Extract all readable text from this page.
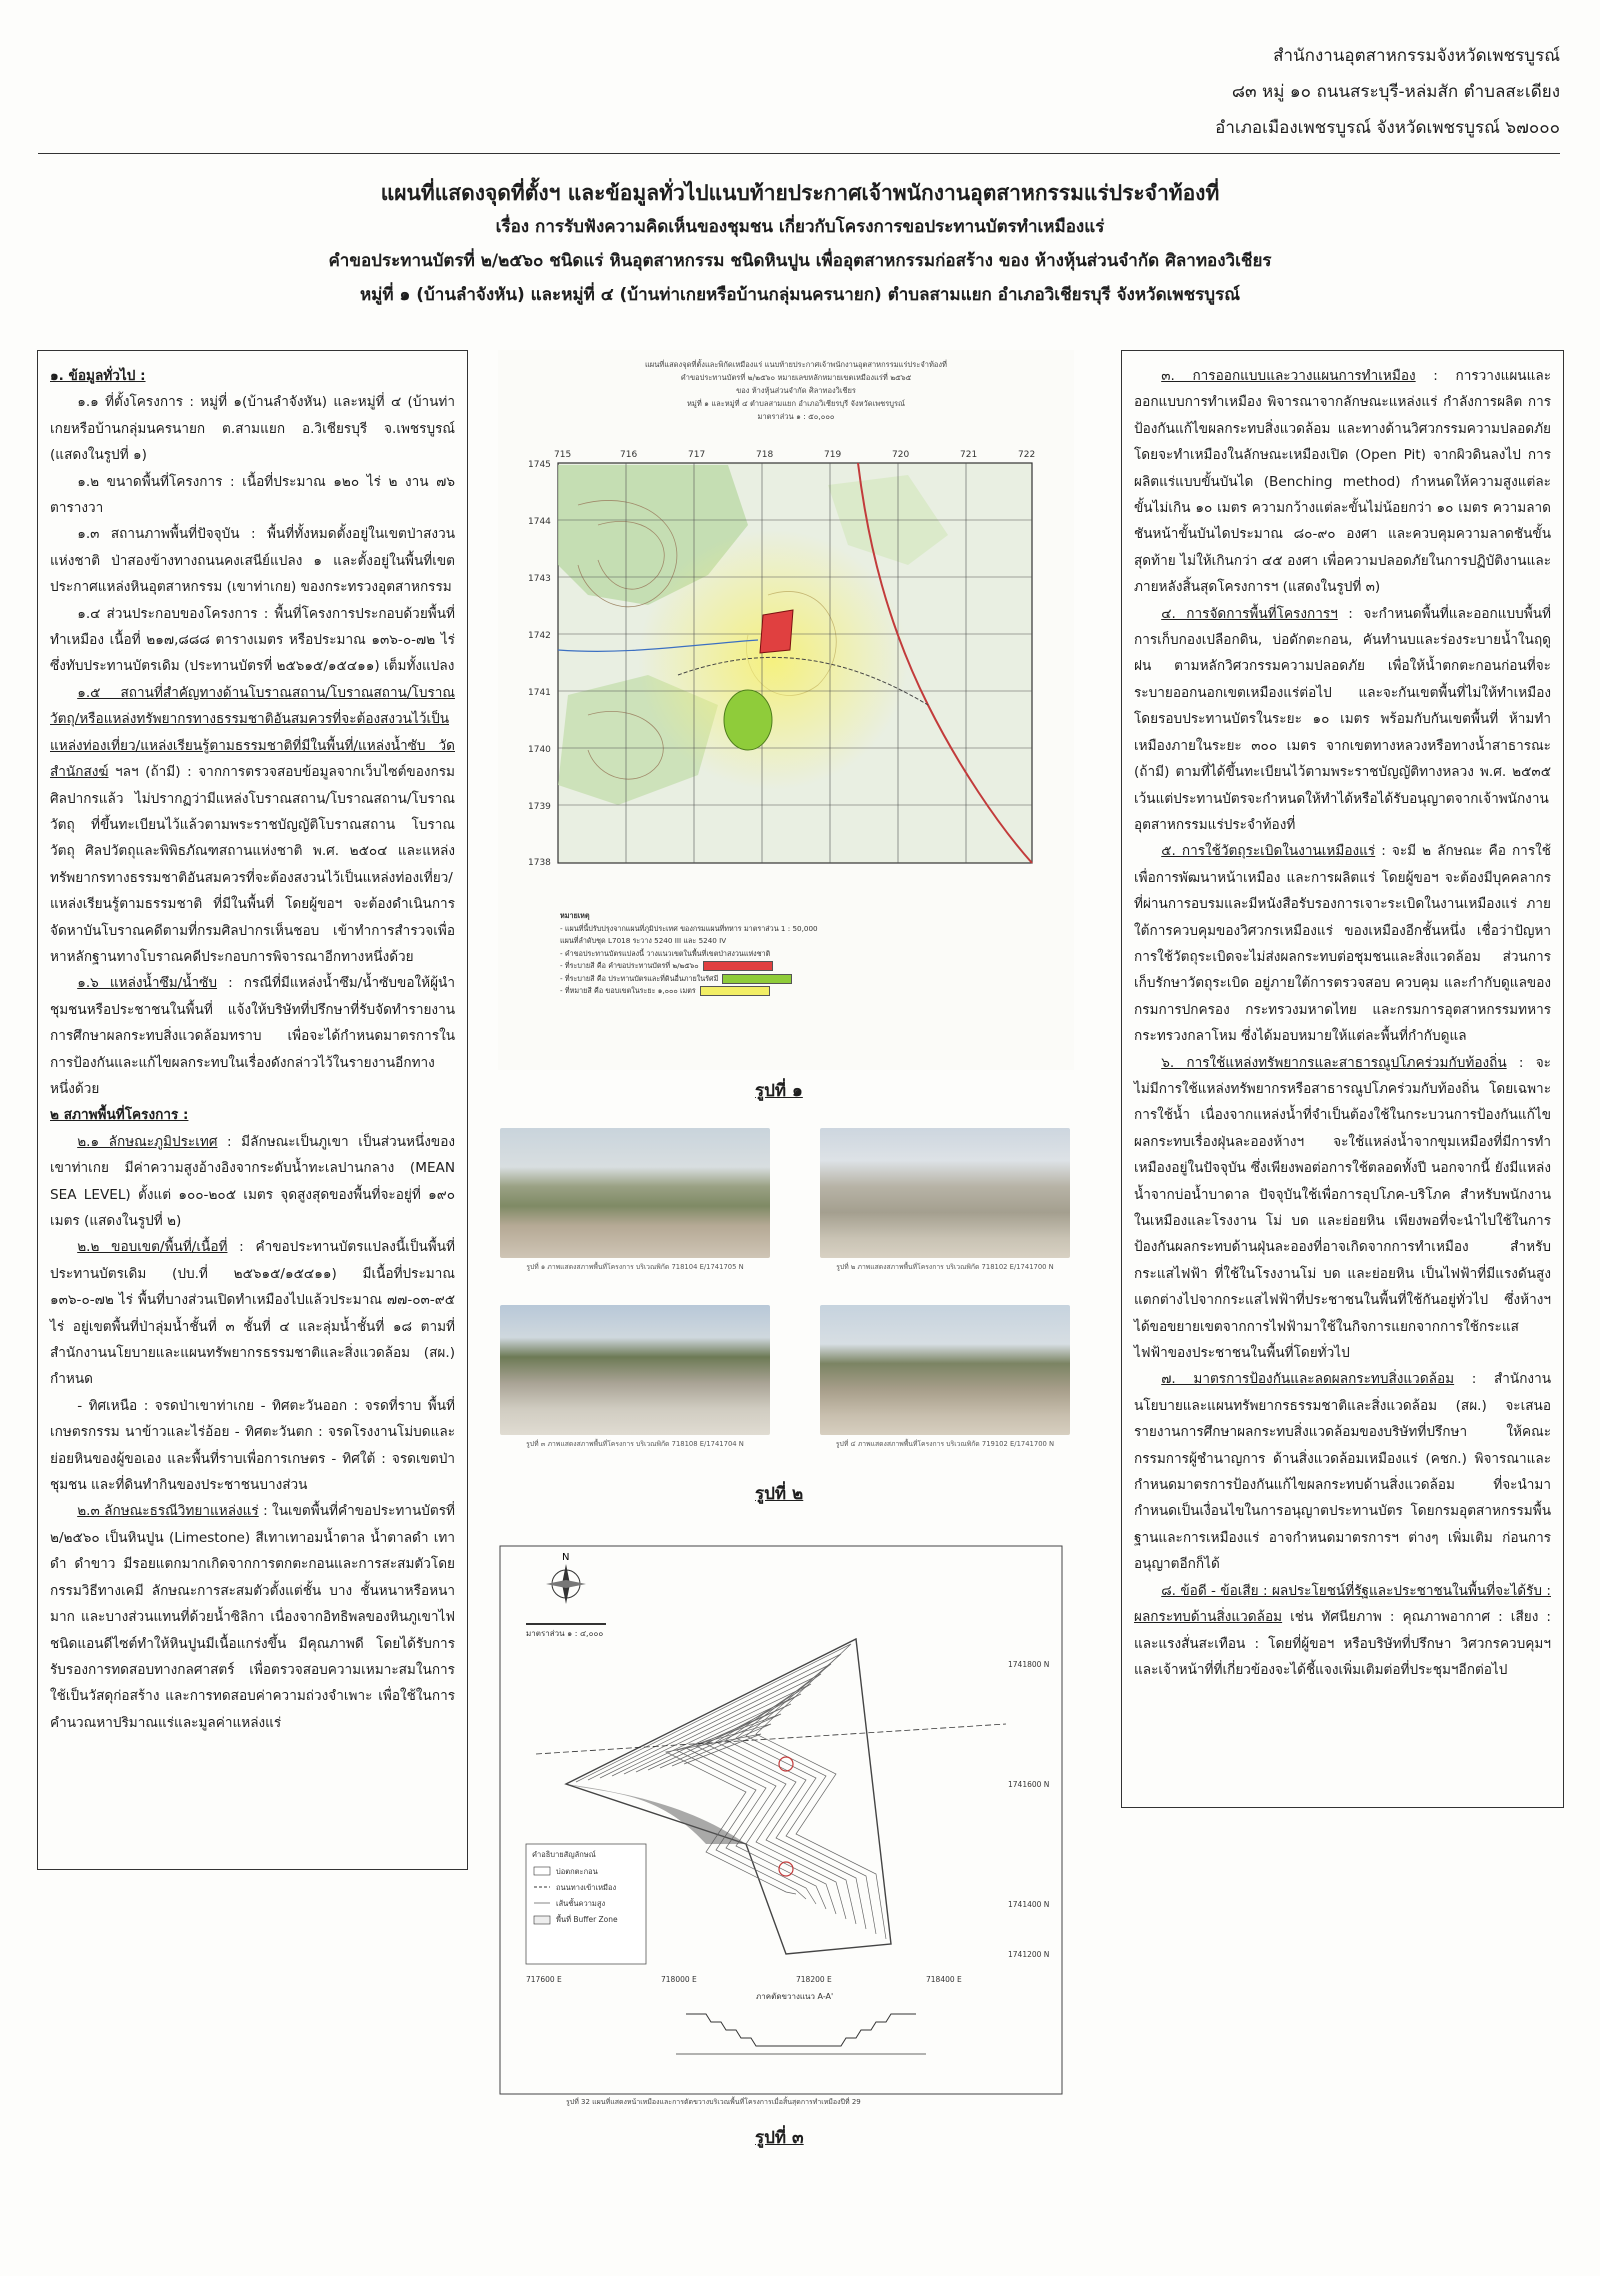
สำนักงานอุตสาหกรรมจังหวัดเพชรบูรณ์
๘๓ หมู่ ๑๐ ถนนสระบุรี-หล่มสัก ตำบลสะเดียง
อำเภอเมืองเพชรบูรณ์ จังหวัดเพชรบูรณ์ ๖๗๐๐๐
แผนที่แสดงจุดที่ตั้งฯ และข้อมูลทั่วไปแนบท้ายประกาศเจ้าพนักงานอุตสาหกรรมแร่ประจำท้องที่
เรื่อง การรับฟังความคิดเห็นของชุมชน เกี่ยวกับโครงการขอประทานบัตรทำเหมืองแร่
คำขอประทานบัตรที่ ๒/๒๕๖๐ ชนิดแร่ หินอุตสาหกรรม ชนิดหินปูน เพื่ออุตสาหกรรมก่อสร้าง ของ ห้างหุ้นส่วนจำกัด ศิลาทองวิเชียร
หมู่ที่ ๑ (บ้านลำจังหัน) และหมู่ที่ ๔ (บ้านท่าเกยหรือบ้านกลุ่มนครนายก) ตำบลสามแยก อำเภอวิเชียรบุรี จังหวัดเพชรบูรณ์

๑. ข้อมูลทั่วไป :

๑.๑ ที่ตั้งโครงการ : หมู่ที่ ๑(บ้านลำจังหัน) และหมู่ที่ ๔ (บ้านท่าเกยหรือบ้านกลุ่มนครนายก ต.สามแยก อ.วิเชียรบุรี จ.เพชรบูรณ์ (แสดงในรูปที่ ๑)

๑.๒ ขนาดพื้นที่โครงการ : เนื้อที่ประมาณ ๑๒๐ ไร่ ๒ งาน ๗๖ ตารางวา

๑.๓ สถานภาพพื้นที่ปัจจุบัน : พื้นที่ทั้งหมดตั้งอยู่ในเขตป่าสงวนแห่งชาติ ป่าสองข้างทางถนนคงเสนีย์แปลง ๑ และตั้งอยู่ในพื้นที่เขตประกาศแหล่งหินอุตสาหกรรม (เขาท่าเกย) ของกระทรวงอุตสาหกรรม

๑.๔ ส่วนประกอบของโครงการ : พื้นที่โครงการประกอบด้วยพื้นที่ทำเหมือง เนื้อที่ ๒๑๗,๘๘๘ ตารางเมตร หรือประมาณ ๑๓๖-๐-๗๒ ไร่ ซึ่งทับประทานบัตรเดิม (ประทานบัตรที่ ๒๕๖๑๕/๑๕๔๑๑) เต็มทั้งแปลง

๑.๕ สถานที่สำคัญทางด้านโบราณสถาน/โบราณสถาน/โบราณวัตถุ/หรือแหล่งทรัพยากรทางธรรมชาติอันสมควรที่จะต้องสงวนไว้เป็นแหล่งท่องเที่ยว/แหล่งเรียนรู้ตามธรรมชาติที่มีในพื้นที่/แหล่งน้ำซับ วัด สำนักสงฆ์ ฯลฯ (ถ้ามี) : จากการตรวจสอบข้อมูลจากเว็บไซต์ของกรมศิลปากรแล้ว ไม่ปรากฏว่ามีแหล่งโบราณสถาน/โบราณสถาน/โบราณวัตถุ ที่ขึ้นทะเบียนไว้แล้วตามพระราชบัญญัติโบราณสถาน โบราณวัตถุ ศิลปวัตถุและพิพิธภัณฑสถานแห่งชาติ พ.ศ. ๒๕๐๔ และแหล่งทรัพยากรทางธรรมชาติอันสมควรที่จะต้องสงวนไว้เป็นแหล่งท่องเที่ยว/แหล่งเรียนรู้ตามธรรมชาติ ที่มีในพื้นที่ โดยผู้ขอฯ จะต้องดำเนินการจัดหาบันโบราณคดีตามที่กรมศิลปากรเห็นชอบ เข้าทำการสำรวจเพื่อหาหลักฐานทางโบราณคดีประกอบการพิจารณาอีกทางหนึ่งด้วย

๑.๖ แหล่งน้ำซึม/น้ำซับ : กรณีที่มีแหล่งน้ำซึม/น้ำซับขอให้ผู้นำชุมชนหรือประชาชนในพื้นที่ แจ้งให้บริษัทที่ปรึกษาที่รับจัดทำรายงานการศึกษาผลกระทบสิ่งแวดล้อมทราบ เพื่อจะได้กำหนดมาตรการในการป้องกันและแก้ไขผลกระทบในเรื่องดังกล่าวไว้ในรายงานอีกทางหนึ่งด้วย

๒ สภาพพื้นที่โครงการ :

๒.๑ ลักษณะภูมิประเทศ : มีลักษณะเป็นภูเขา เป็นส่วนหนึ่งของเขาท่าเกย มีค่าความสูงอ้างอิงจากระดับน้ำทะเลปานกลาง (MEAN SEA LEVEL) ตั้งแต่ ๑๐๐-๒๐๕ เมตร จุดสูงสุดของพื้นที่จะอยู่ที่ ๑๙๐ เมตร (แสดงในรูปที่ ๒)

๒.๒ ขอบเขต/พื้นที่/เนื้อที่ : คำขอประทานบัตรแปลงนี้เป็นพื้นที่ประทานบัตรเดิม (ปบ.ที่ ๒๕๖๑๕/๑๕๔๑๑) มีเนื้อที่ประมาณ ๑๓๖-๐-๗๒ ไร่ พื้นที่บางส่วนเปิดทำเหมืองไปแล้วประมาณ ๗๗-๐๓-๙๕ ไร่ อยู่เขตพื้นที่ป่าลุ่มน้ำชั้นที่ ๓ ชั้นที่ ๔ และลุ่มน้ำชั้นที่ ๑๘ ตามที่สำนักงานนโยบายและแผนทรัพยากรธรรมชาติและสิ่งแวดล้อม (สผ.) กำหนด

- ทิศเหนือ : จรดป่าเขาท่าเกย - ทิศตะวันออก : จรดที่ราบ พื้นที่เกษตรกรรม นาข้าวและไร่อ้อย - ทิศตะวันตก : จรดโรงงานโม่บดและย่อยหินของผู้ขอเอง และพื้นที่ราบเพื่อการเกษตร - ทิศใต้ : จรดเขตป่าชุมชน และที่ดินทำกินของประชาชนบางส่วน

๒.๓ ลักษณะธรณีวิทยาแหล่งแร่ : ในเขตพื้นที่คำขอประทานบัตรที่ ๒/๒๕๖๐ เป็นหินปูน (Limestone) สีเทาเทาอมน้ำตาล น้ำตาลดำ เทาดำ ดำขาว มีรอยแตกมากเกิดจากการตกตะกอนและการสะสมตัวโดยกรรมวิธีทางเคมี ลักษณะการสะสมตัวตั้งแต่ชั้น บาง ชั้นหนาหรือหนามาก และบางส่วนแทนที่ด้วยน้ำซิลิกา เนื่องจากอิทธิพลของหินภูเขาไฟชนิดแอนดีไซต์ทำให้หินปูนมีเนื้อแกร่งขึ้น มีคุณภาพดี โดยได้รับการรับรองการทดสอบทางกลศาสตร์ เพื่อตรวจสอบความเหมาะสมในการใช้เป็นวัสดุก่อสร้าง และการทดสอบค่าความถ่วงจำเพาะ เพื่อใช้ในการคำนวณหาปริมาณแร่และมูลค่าแหล่งแร่

แผนที่แสดงจุดที่ตั้งและพิกัดเหมืองแร่ แนบท้ายประกาศเจ้าพนักงานอุตสาหกรรมแร่ประจำท้องที่
คำขอประทานบัตรที่ ๒/๒๕๖๐ หมายเลขหลักหมายเขตเหมืองแร่ที่ ๒๕๖๕
ของ ห้างหุ้นส่วนจำกัด ศิลาทองวิเชียร
หมู่ที่ ๑ และหมู่ที่ ๔ ตำบลสามแยก อำเภอวิเชียรบุรี จังหวัดเพชรบูรณ์
มาตราส่วน ๑ : ๕๐,๐๐๐
715	716	717	718	719	720	721	722
1745
1744
1743
1742
1741
1740
1739
1738
หมายเหตุ
- แผนที่นี้ปรับปรุงจากแผนที่ภูมิประเทศ ของกรมแผนที่ทหาร มาตราส่วน 1 : 50,000
แผนที่ลำดับชุด L7018 ระวาง 5240 III และ 5240 IV
- คำขอประทานบัตรแปลงนี้ วางแนวเขตในพื้นที่เขตป่าสงวนแห่งชาติ
- ที่ระบายสี คือ คำขอประทานบัตรที่ ๒/๒๕๖๐
- ที่ระบายสี คือ ประทานบัตรและที่ดินอื่นภายในรัศมี
- ที่หมายสี คือ ขอบเขตในระยะ ๑,๐๐๐ เมตร
รูปที่ ๑
รูปที่ ๑ ภาพแสดงสภาพพื้นที่โครงการ บริเวณพิกัด 718104 E/1741705 N	รูปที่ ๒ ภาพแสดงสภาพพื้นที่โครงการ บริเวณพิกัด 718102 E/1741700 N
รูปที่ ๓ ภาพแสดงสภาพพื้นที่โครงการ บริเวณพิกัด 718108 E/1741704 N	รูปที่ ๔ ภาพแสดงสภาพพื้นที่โครงการ บริเวณพิกัด 719102 E/1741700 N
รูปที่ ๒
N
มาตราส่วน ๑ : ๔,๐๐๐
1741800 N
1741600 N
1741400 N
1741200 N
717600 E	718000 E	718200 E	718400 E
คำอธิบายสัญลักษณ์
บ่อตกตะกอน
ถนนทางเข้าเหมือง
เส้นชั้นความสูง
พื้นที่ Buffer Zone
ภาคตัดขวางแนว A-A'
รูปที่ 32 แผนที่แสดงหน้าเหมืองและการตัดขวางบริเวณพื้นที่โครงการเมื่อสิ้นสุดการทำเหมืองปีที่ 29
รูปที่ ๓

๓. การออกแบบและวางแผนการทำเหมือง : การวางแผนและออกแบบการทำเหมือง พิจารณาจากลักษณะแหล่งแร่ กำลังการผลิต การป้องกันแก้ไขผลกระทบสิ่งแวดล้อม และทางด้านวิศวกรรมความปลอดภัย โดยจะทำเหมืองในลักษณะเหมืองเปิด (Open Pit) จากผิวดินลงไป การผลิตแร่แบบขั้นบันได (Benching method) กำหนดให้ความสูงแต่ละขั้นไม่เกิน ๑๐ เมตร ความกว้างแต่ละขั้นไม่น้อยกว่า ๑๐ เมตร ความลาดชันหน้าขั้นบันไดประมาณ ๘๐-๙๐ องศา และควบคุมความลาดชันขั้นสุดท้าย ไม่ให้เกินกว่า ๔๕ องศา เพื่อความปลอดภัยในการปฏิบัติงานและภายหลังสิ้นสุดโครงการฯ (แสดงในรูปที่ ๓)

๔. การจัดการพื้นที่โครงการฯ : จะกำหนดพื้นที่และออกแบบพื้นที่การเก็บกองเปลือกดิน, บ่อดักตะกอน, คันทำนบและร่องระบายน้ำในฤดูฝน ตามหลักวิศวกรรมความปลอดภัย เพื่อให้น้ำตกตะกอนก่อนที่จะระบายออกนอกเขตเหมืองแร่ต่อไป และจะกันเขตพื้นที่ไม่ให้ทำเหมืองโดยรอบประทานบัตรในระยะ ๑๐ เมตร พร้อมกับกันเขตพื้นที่ ห้ามทำเหมืองภายในระยะ ๓๐๐ เมตร จากเขตทางหลวงหรือทางน้ำสาธารณะ (ถ้ามี) ตามที่ได้ขึ้นทะเบียนไว้ตามพระราชบัญญัติทางหลวง พ.ศ. ๒๕๓๕ เว้นแต่ประทานบัตรจะกำหนดให้ทำได้หรือได้รับอนุญาตจากเจ้าพนักงานอุตสาหกรรมแร่ประจำท้องที่

๕. การใช้วัตถุระเบิดในงานเหมืองแร่ : จะมี ๒ ลักษณะ คือ การใช้เพื่อการพัฒนาหน้าเหมือง และการผลิตแร่ โดยผู้ขอฯ จะต้องมีบุคคลากรที่ผ่านการอบรมและมีหนังสือรับรองการเจาะระเบิดในงานเหมืองแร่ ภายใต้การควบคุมของวิศวกรเหมืองแร่ ของเหมืองอีกชั้นหนึ่ง เชื่อว่าปัญหาการใช้วัตถุระเบิดจะไม่ส่งผลกระทบต่อชุมชนและสิ่งแวดล้อม ส่วนการเก็บรักษาวัตถุระเบิด อยู่ภายใต้การตรวจสอบ ควบคุม และกำกับดูแลของกรมการปกครอง กระทรวงมหาดไทย และกรมการอุตสาหกรรมทหาร กระทรวงกลาโหม ซึ่งได้มอบหมายให้แต่ละพื้นที่กำกับดูแล

๖. การใช้แหล่งทรัพยากรและสาธารณูปโภคร่วมกับท้องถิ่น : จะไม่มีการใช้แหล่งทรัพยากรหรือสาธารณูปโภคร่วมกับท้องถิ่น โดยเฉพาะการใช้น้ำ เนื่องจากแหล่งน้ำที่จำเป็นต้องใช้ในกระบวนการป้องกันแก้ไขผลกระทบเรื่องฝุ่นละอองห้างฯ จะใช้แหล่งน้ำจากขุมเหมืองที่มีการทำเหมืองอยู่ในปัจจุบัน ซึ่งเพียงพอต่อการใช้ตลอดทั้งปี นอกจากนี้ ยังมีแหล่งน้ำจากบ่อน้ำบาดาล ปัจจุบันใช้เพื่อการอุปโภค-บริโภค สำหรับพนักงานในเหมืองและโรงงาน โม่ บด และย่อยหิน เพียงพอที่จะนำไปใช้ในการป้องกันผลกระทบด้านฝุ่นละอองที่อาจเกิดจากการทำเหมือง สำหรับกระแสไฟฟ้า ที่ใช้ในโรงงานโม่ บด และย่อยหิน เป็นไฟฟ้าที่มีแรงดันสูงแตกต่างไปจากกระแสไฟฟ้าที่ประชาชนในพื้นที่ใช้กันอยู่ทั่วไป ซึ่งห้างฯ ได้ขอขยายเขตจากการไฟฟ้ามาใช้ในกิจการแยกจากการใช้กระแสไฟฟ้าของประชาชนในพื้นที่โดยทั่วไป

๗. มาตรการป้องกันและลดผลกระทบสิ่งแวดล้อม : สำนักงานนโยบายและแผนทรัพยากรธรรมชาติและสิ่งแวดล้อม (สผ.) จะเสนอรายงานการศึกษาผลกระทบสิ่งแวดล้อมของบริษัทที่ปรึกษา ให้คณะกรรมการผู้ชำนาญการ ด้านสิ่งแวดล้อมเหมืองแร่ (คชก.) พิจารณาและกำหนดมาตรการป้องกันแก้ไขผลกระทบด้านสิ่งแวดล้อม ที่จะนำมากำหนดเป็นเงื่อนไขในการอนุญาตประทานบัตร โดยกรมอุตสาหกรรมพื้นฐานและการเหมืองแร่ อาจกำหนดมาตรการฯ ต่างๆ เพิ่มเติม ก่อนการอนุญาตอีกก็ได้

๘. ข้อดี - ข้อเสีย : ผลประโยชน์ที่รัฐและประชาชนในพื้นที่จะได้รับ : ผลกระทบด้านสิ่งแวดล้อม เช่น ทัศนียภาพ : คุณภาพอากาศ : เสียง : และแรงสั่นสะเทือน : โดยที่ผู้ขอฯ หรือบริษัทที่ปรึกษา วิศวกรควบคุมฯ และเจ้าหน้าที่ที่เกี่ยวข้องจะได้ชี้แจงเพิ่มเติมต่อที่ประชุมฯอีกต่อไป
